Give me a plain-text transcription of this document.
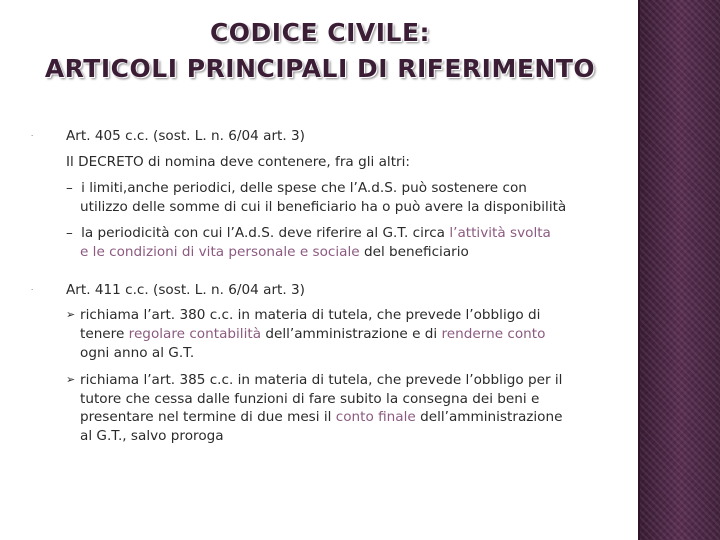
CODICE CIVILE:
ARTICOLI PRINCIPALI DI RIFERIMENTO
· Art. 405 c.c. (sost. L. n. 6/04 art. 3)
Il DECRETO di nomina deve contenere, fra gli altri:
– i limiti,anche periodici, delle spese che l’A.d.S. può sostenere con
utilizzo delle somme di cui il beneficiario ha o può avere la disponibilità
– la periodicità con cui l’A.d.S. deve riferire al G.T. circa l’attività svolta
e le condizioni di vita personale e sociale del beneficiario
· Art. 411 c.c. (sost. L. n. 6/04 art. 3)
➢ richiama l’art. 380 c.c. in materia di tutela, che prevede l’obbligo di
tenere regolare contabilità dell’amministrazione e di renderne conto
ogni anno al G.T.
➢ richiama l’art. 385 c.c. in materia di tutela, che prevede l’obbligo per il
tutore che cessa dalle funzioni di fare subito la consegna dei beni e
presentare nel termine di due mesi il conto finale dell’amministrazione
al G.T., salvo proroga
